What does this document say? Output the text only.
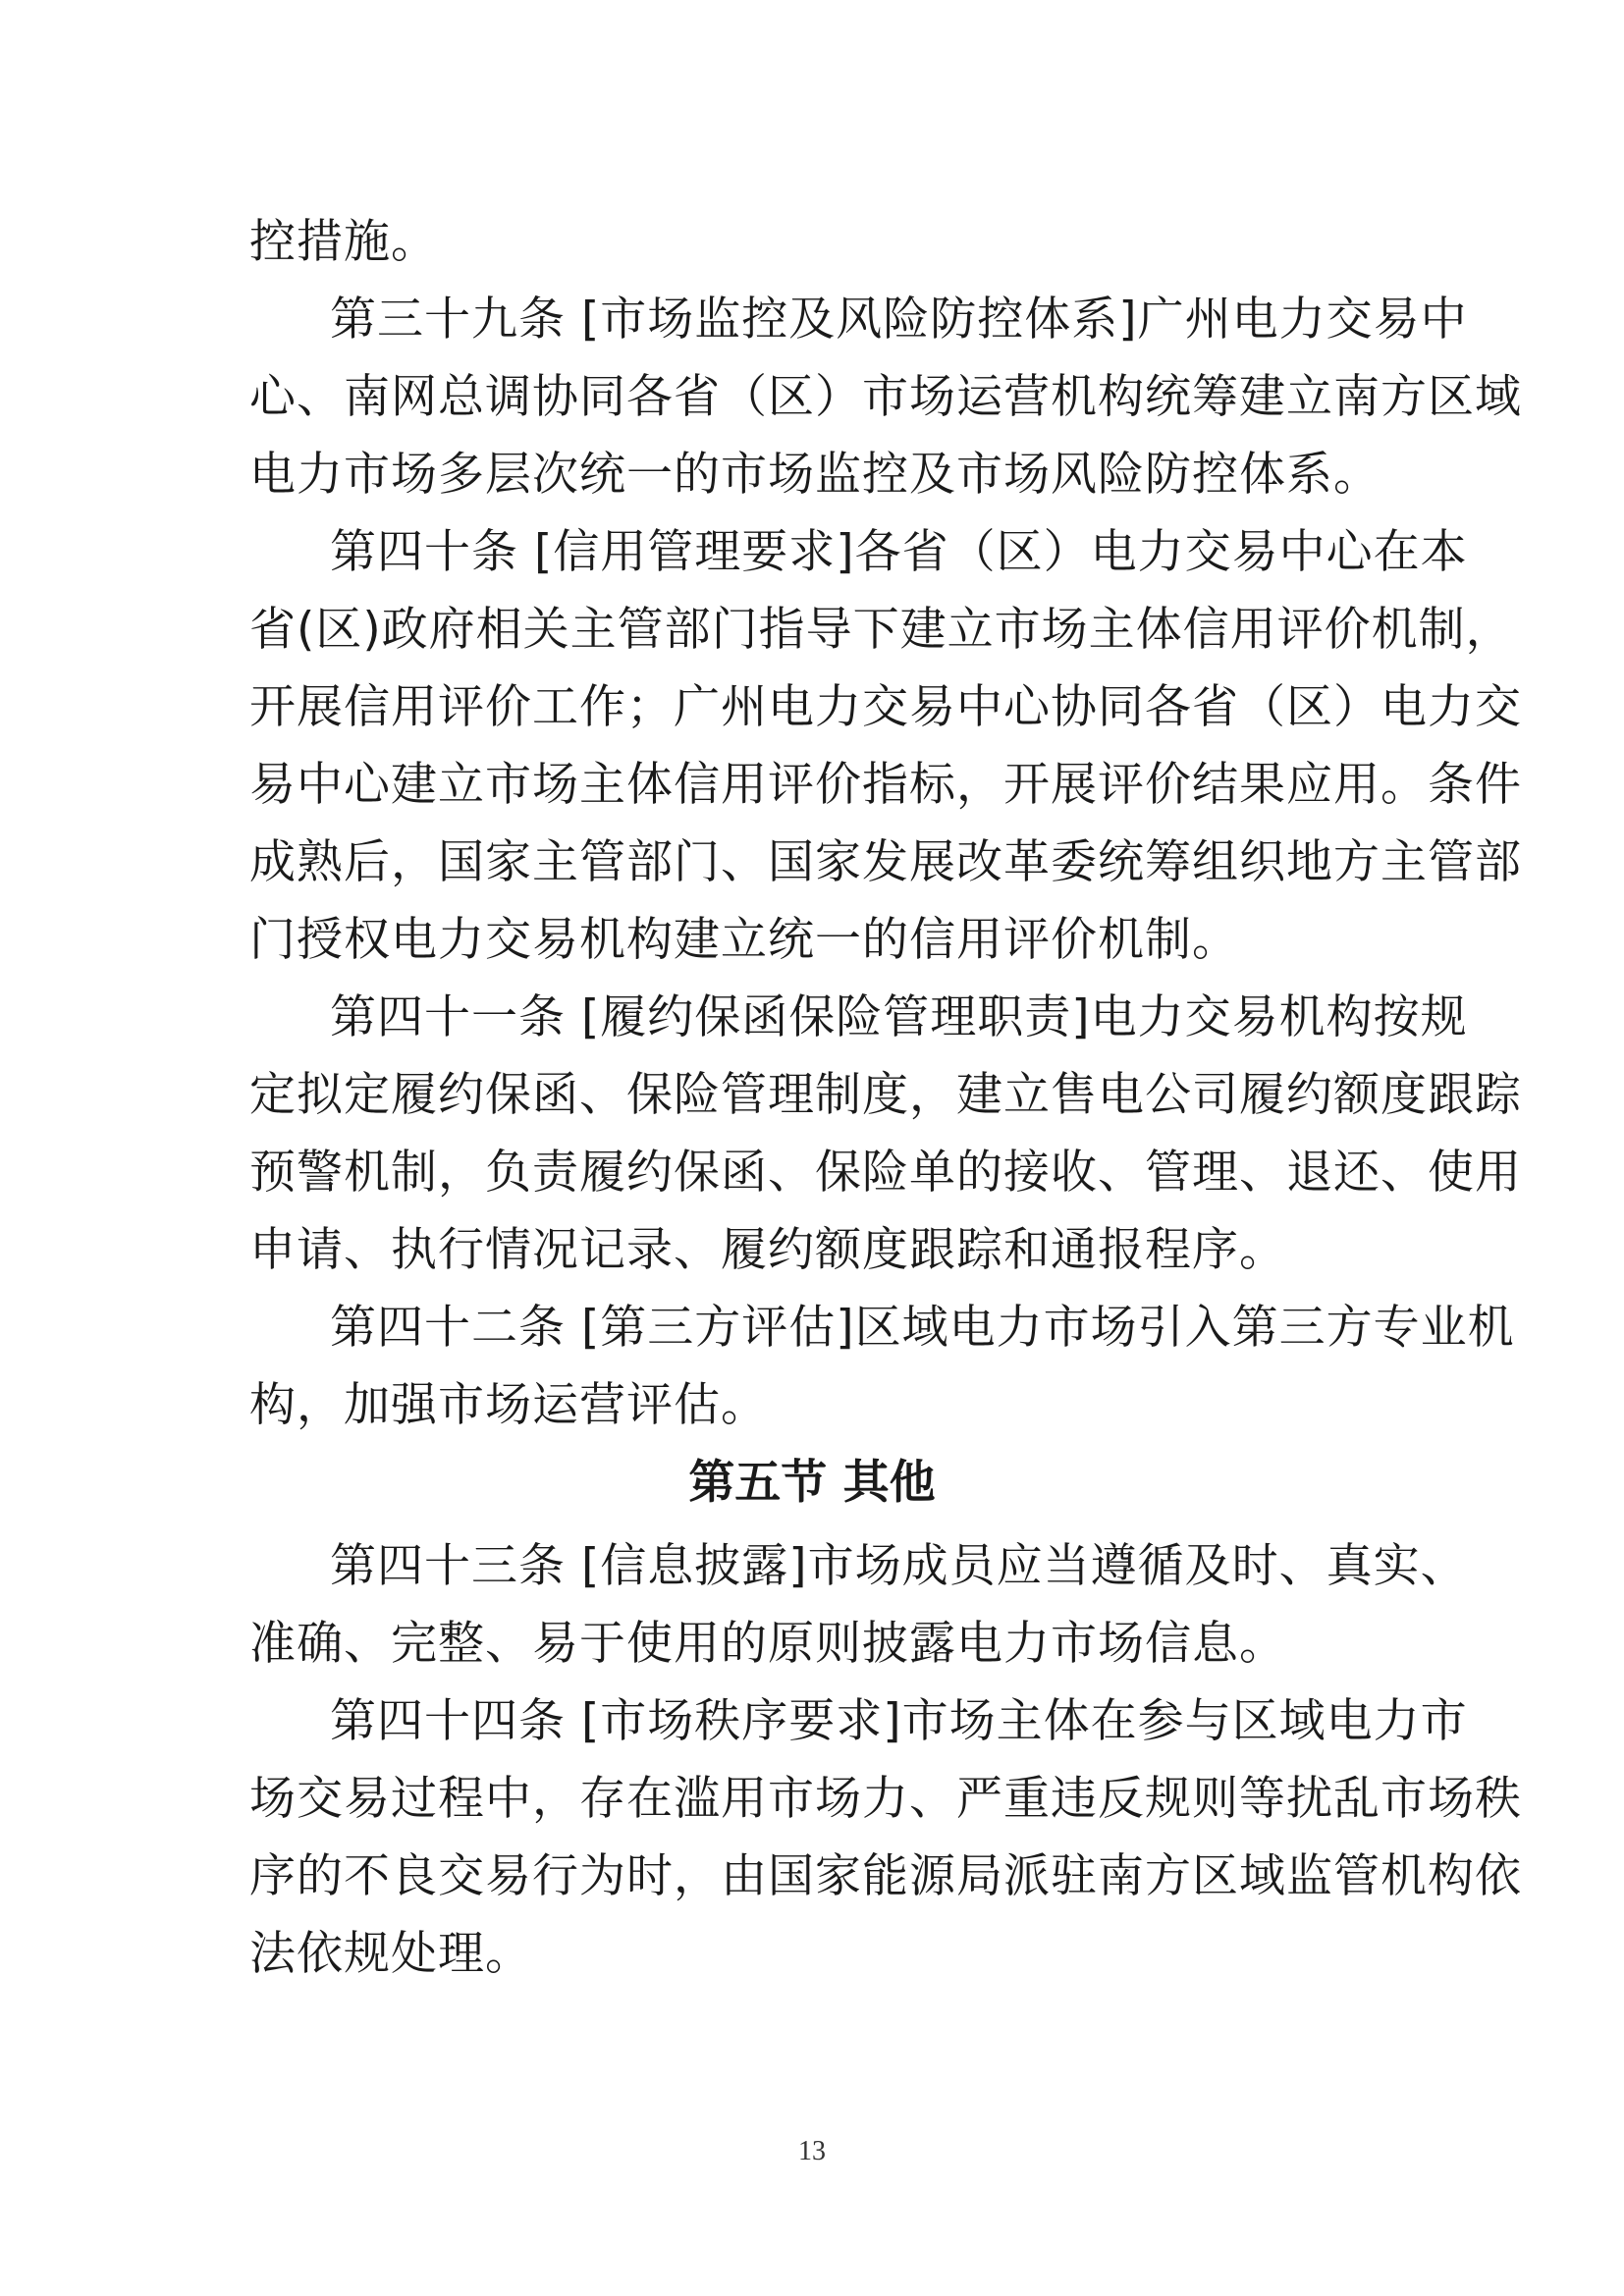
控措施。
第三十九条 [市场监控及风险防控体系]广州电力交易中
心、南网总调协同各省（区）市场运营机构统筹建立南方区域
电力市场多层次统一的市场监控及市场风险防控体系。
第四十条 [信用管理要求]各省（区）电力交易中心在本
省(区)政府相关主管部门指导下建立市场主体信用评价机制，
开展信用评价工作；广州电力交易中心协同各省（区）电力交
易中心建立市场主体信用评价指标，开展评价结果应用。条件
成熟后，国家主管部门、国家发展改革委统筹组织地方主管部
门授权电力交易机构建立统一的信用评价机制。
第四十一条 [履约保函保险管理职责]电力交易机构按规
定拟定履约保函、保险管理制度，建立售电公司履约额度跟踪
预警机制，负责履约保函、保险单的接收、管理、退还、使用
申请、执行情况记录、履约额度跟踪和通报程序。
第四十二条 [第三方评估]区域电力市场引入第三方专业机
构，加强市场运营评估。
第五节 其他
第四十三条 [信息披露]市场成员应当遵循及时、真实、
准确、完整、易于使用的原则披露电力市场信息。
第四十四条 [市场秩序要求]市场主体在参与区域电力市
场交易过程中，存在滥用市场力、严重违反规则等扰乱市场秩
序的不良交易行为时，由国家能源局派驻南方区域监管机构依
法依规处理。
13
